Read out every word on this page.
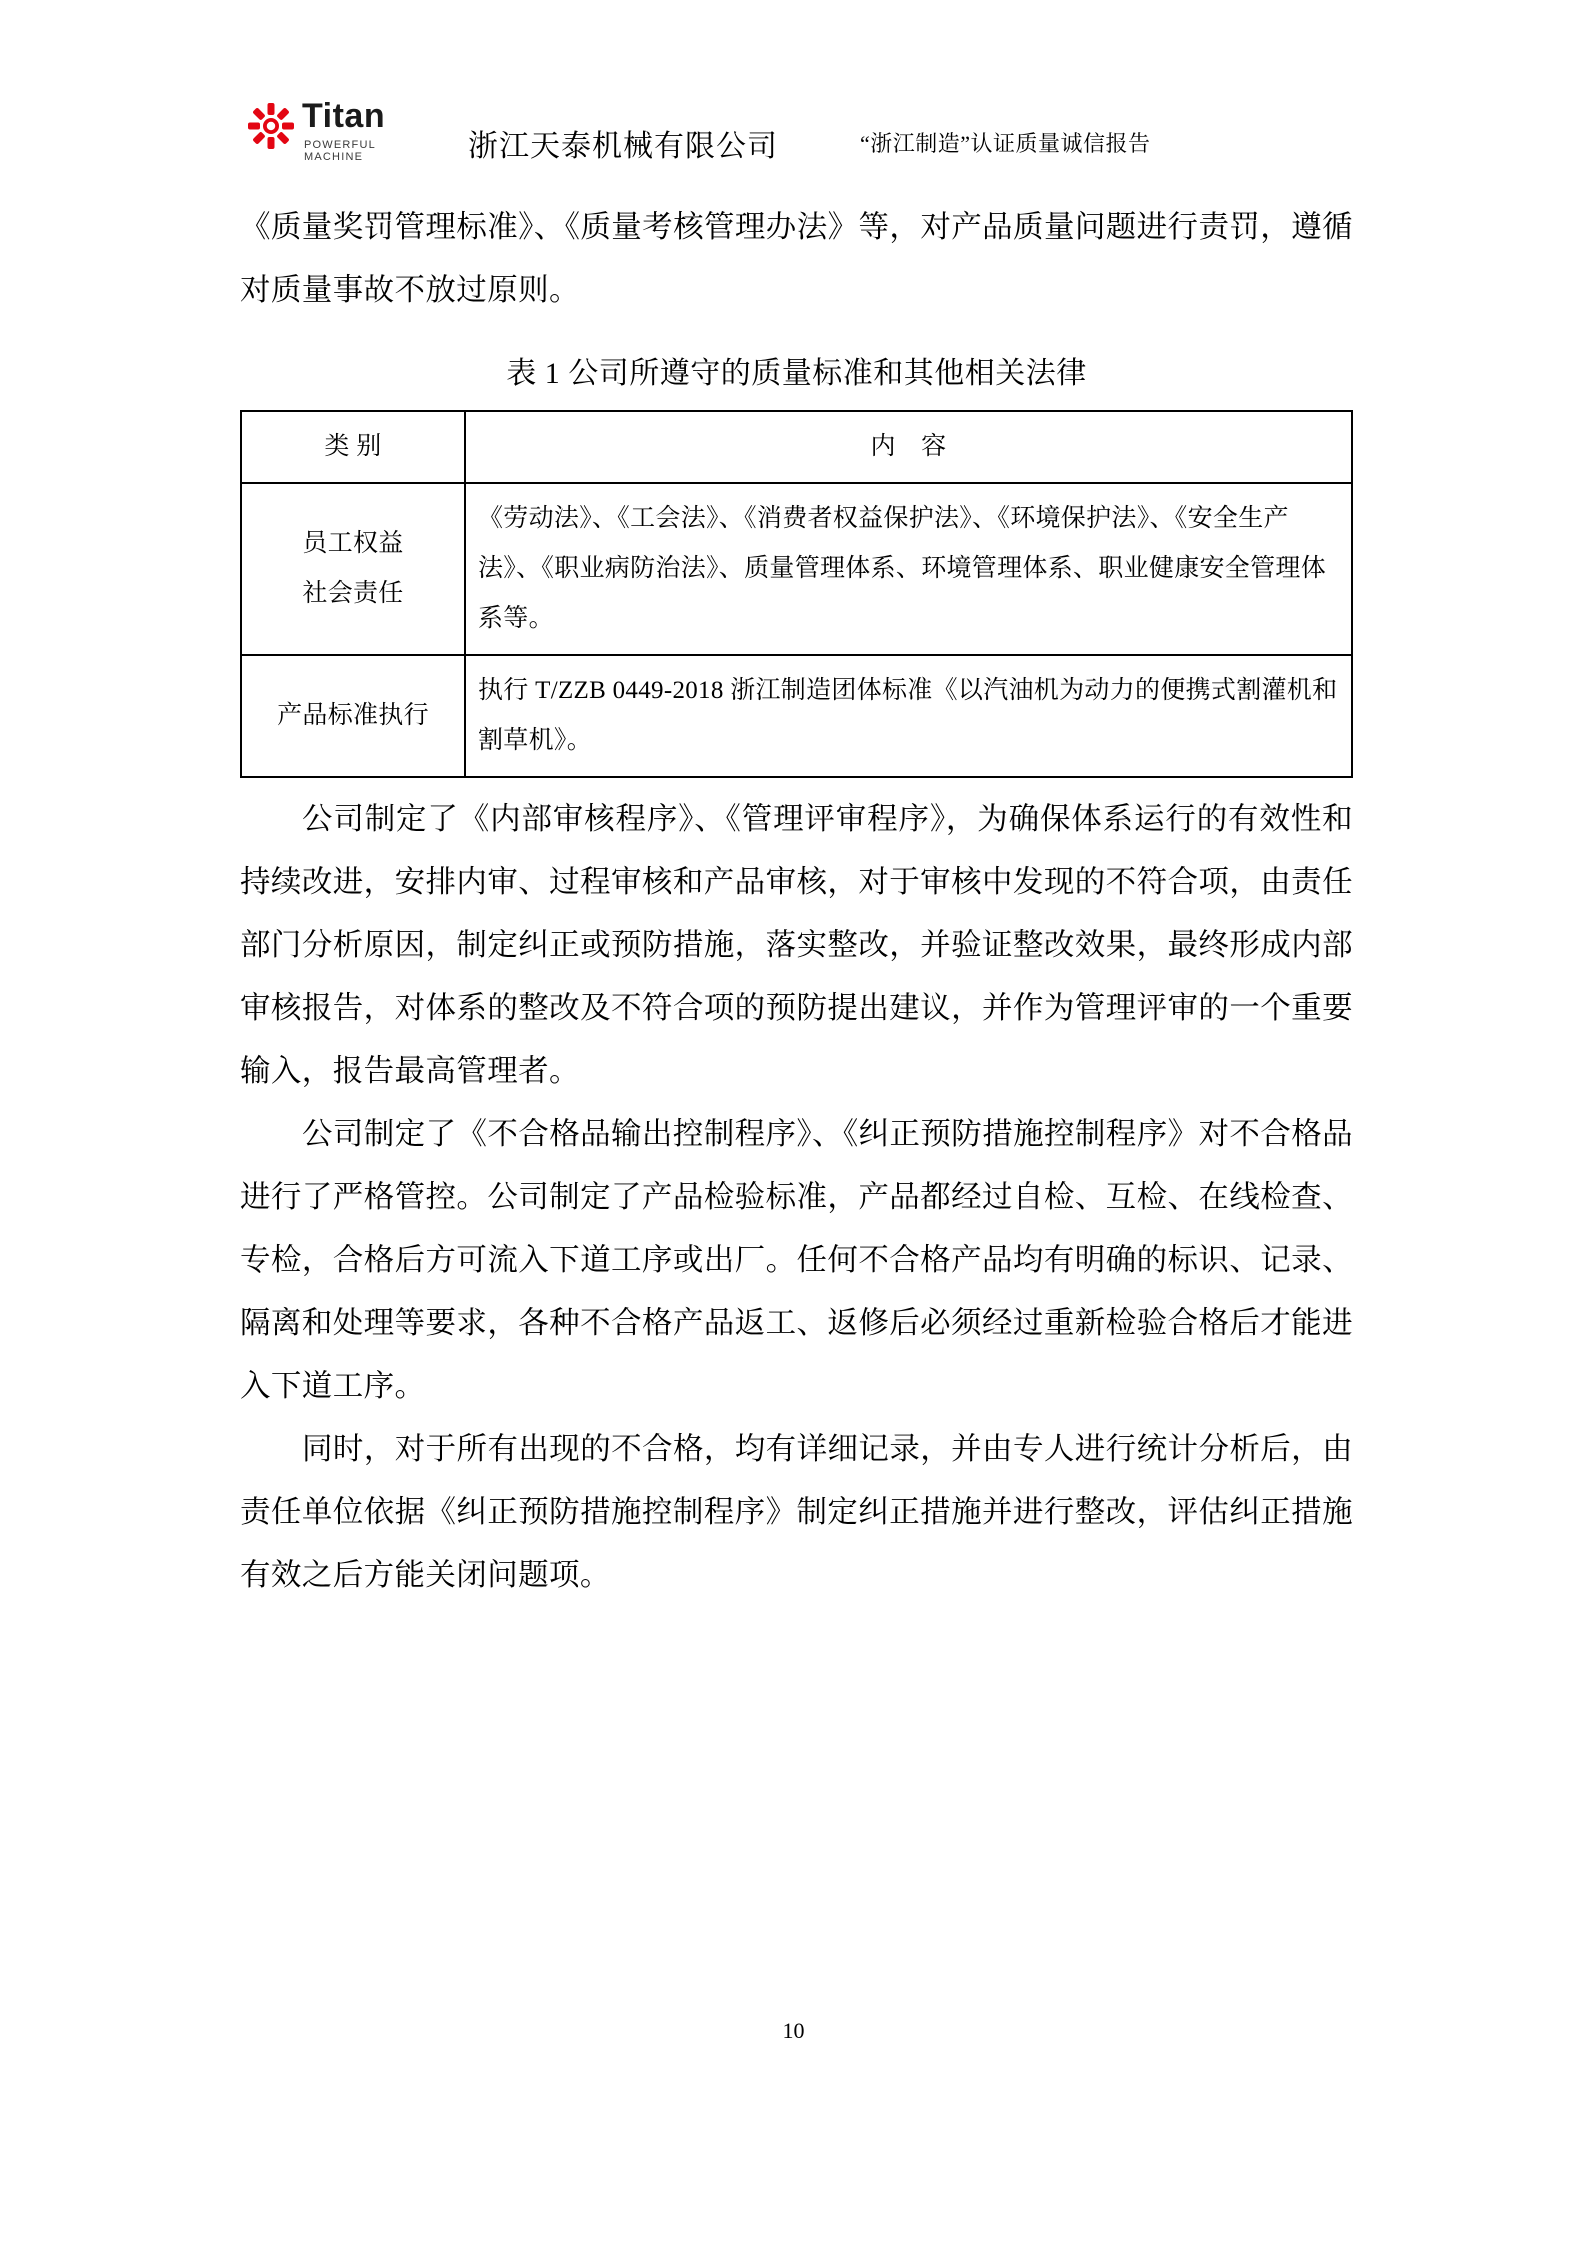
Titan
POWERFUL MACHINE	浙江天泰机械有限公司	“浙江制造”认证质量诚信报告

《质量奖罚管理标准》、《质量考核管理办法》等，对产品质量问题进行责罚，遵循对质量事故不放过原则。

表 1 公司所遵守的质量标准和其他相关法律
类 别	内　容

员工权益
社会责任	《劳动法》、《工会法》、《消费者权益保护法》、《环境保护法》、《安全生产法》、《职业病防治法》、质量管理体系、环境管理体系、职业健康安全管理体系等。
产品标准执行	执行 T/ZZB 0449-2018 浙江制造团体标准《以汽油机为动力的便携式割灌机和割草机》。

公司制定了《内部审核程序》、《管理评审程序》，为确保体系运行的有效性和持续改进，安排内审、过程审核和产品审核，对于审核中发现的不符合项，由责任部门分析原因，制定纠正或预防措施，落实整改，并验证整改效果，最终形成内部审核报告，对体系的整改及不符合项的预防提出建议，并作为管理评审的一个重要输入，报告最高管理者。

公司制定了《不合格品输出控制程序》、《纠正预防措施控制程序》对不合格品进行了严格管控。公司制定了产品检验标准，产品都经过自检、互检、在线检查、专检，合格后方可流入下道工序或出厂。任何不合格产品均有明确的标识、记录、隔离和处理等要求，各种不合格产品返工、返修后必须经过重新检验合格后才能进入下道工序。

同时，对于所有出现的不合格，均有详细记录，并由专人进行统计分析后，由责任单位依据《纠正预防措施控制程序》制定纠正措施并进行整改，评估纠正措施有效之后方能关闭问题项。

10
